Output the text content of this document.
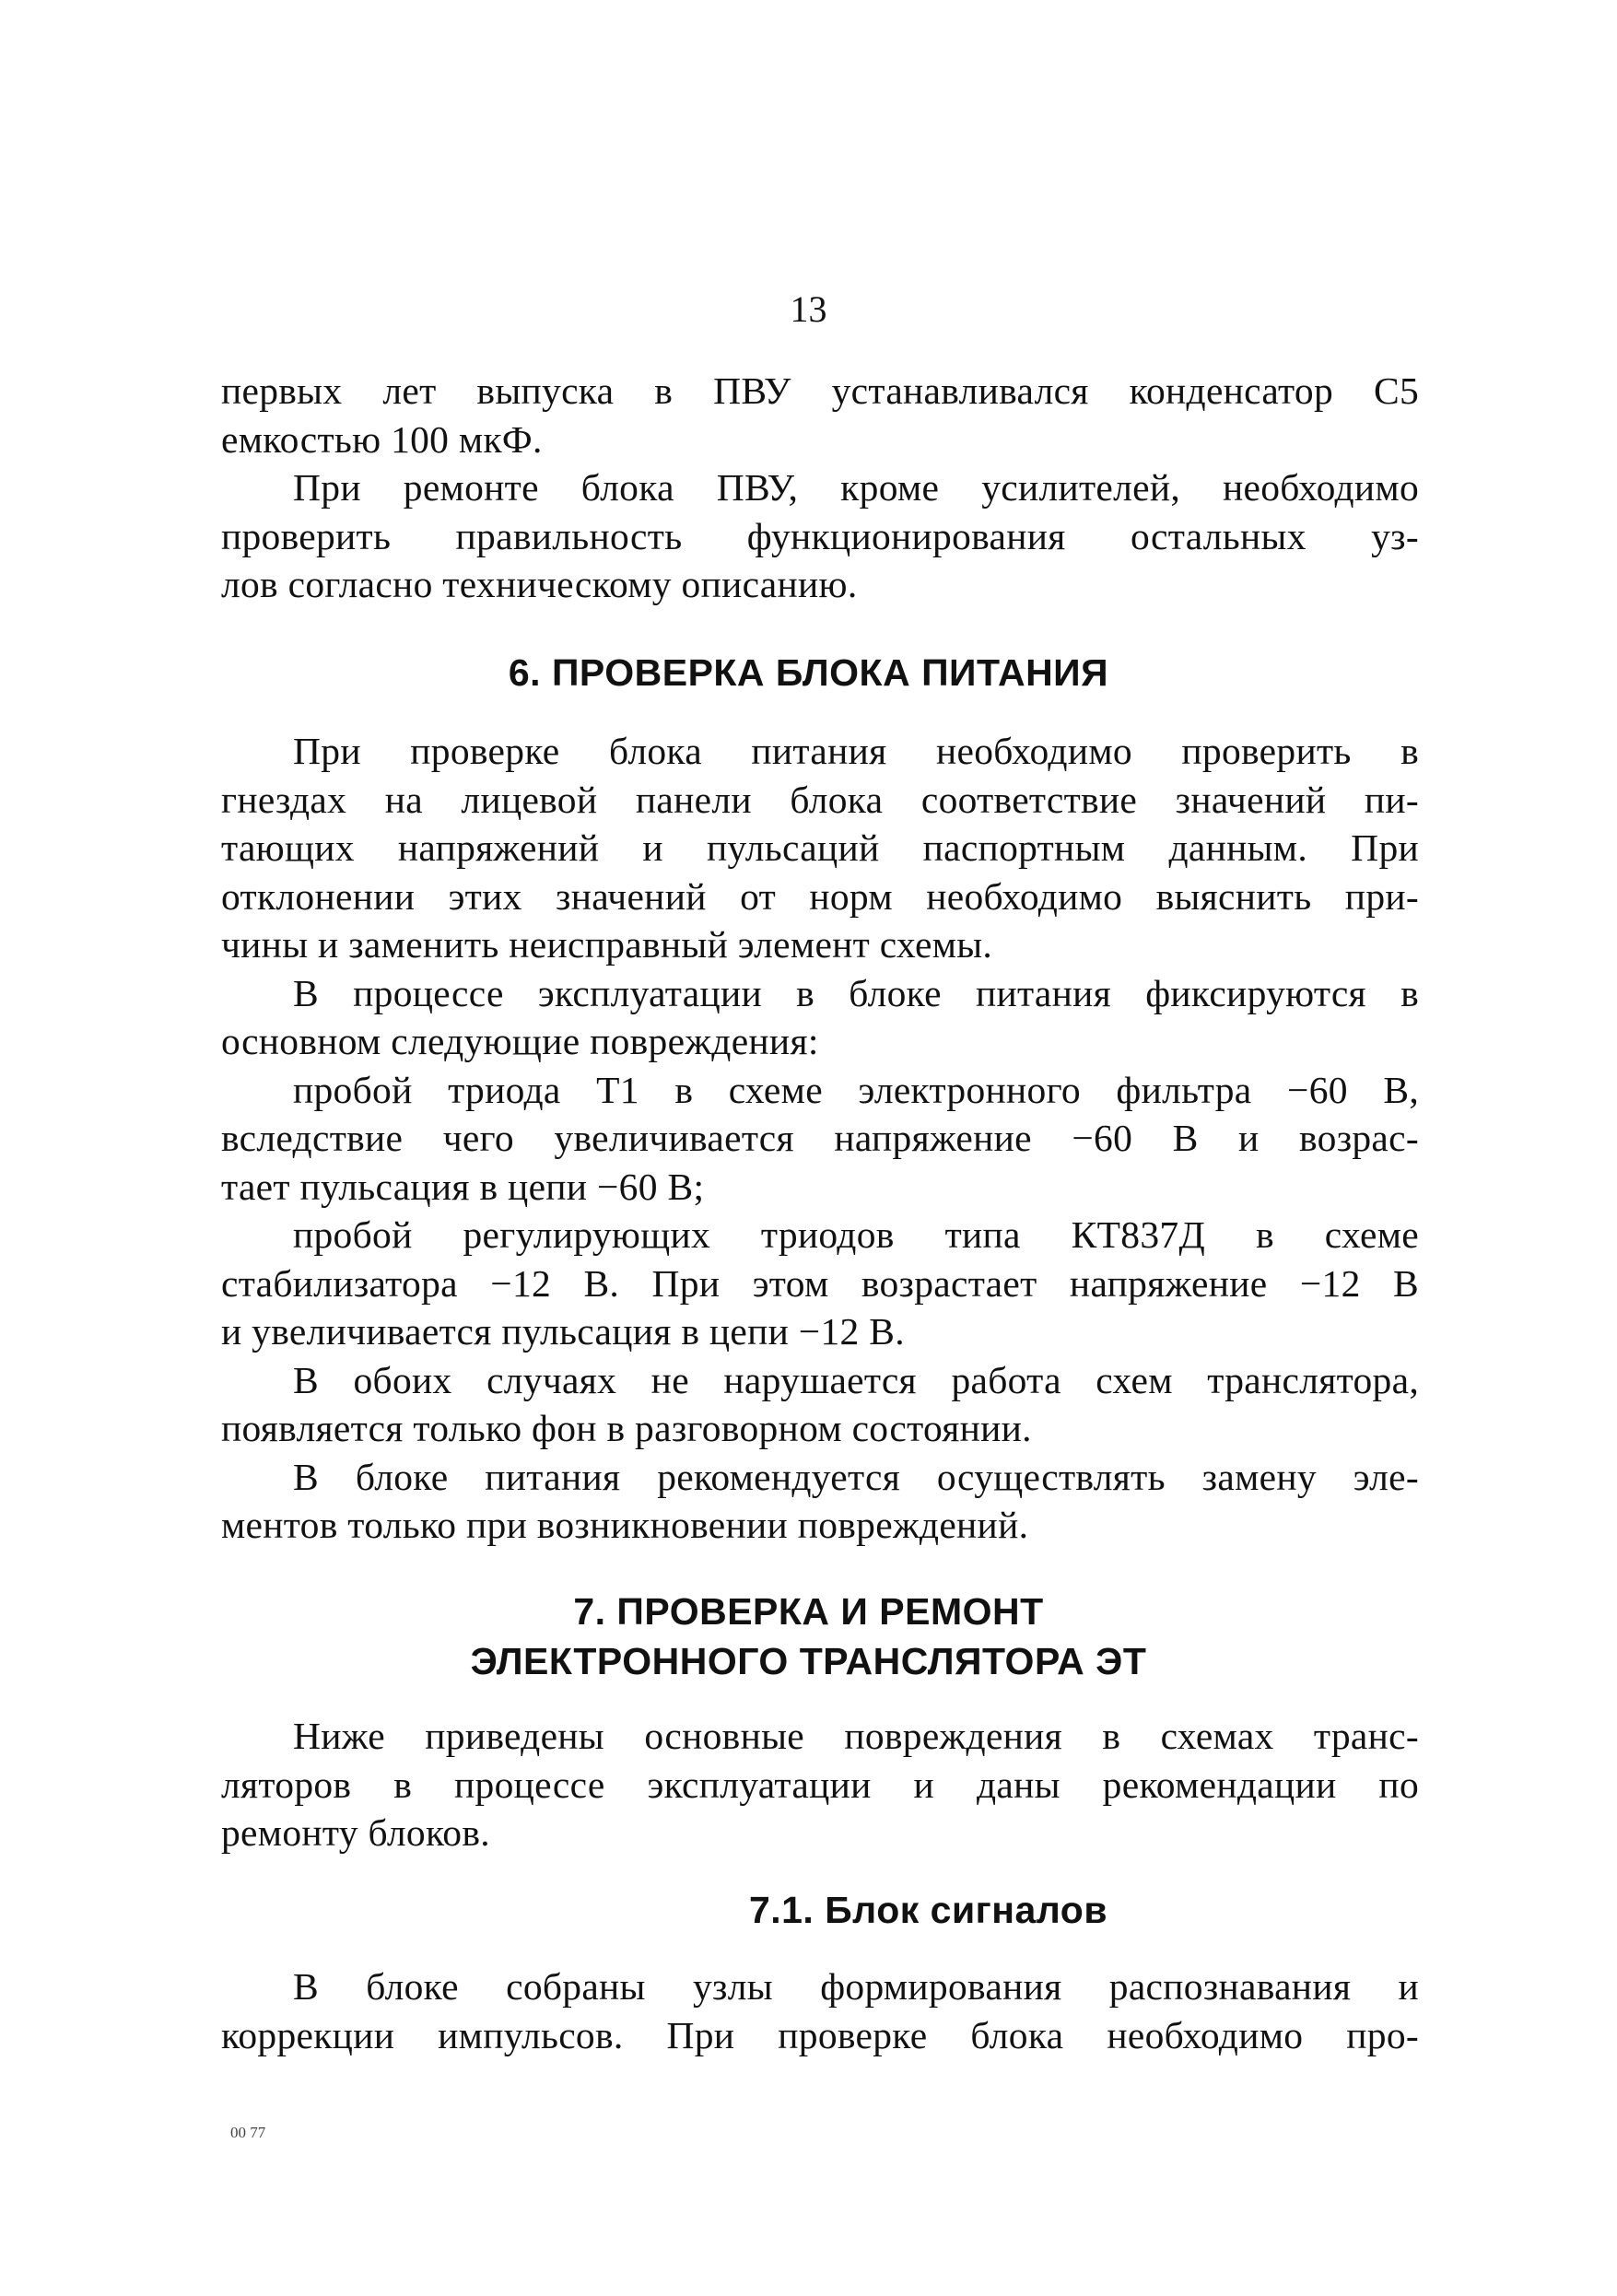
13
первых лет выпуска в ПВУ устанавливался конденсатор С5
емкостью 100 мкФ.
При ремонте блока ПВУ, кроме усилителей, необходимо
проверить правильность функционирования остальных уз-
лов согласно техническому описанию.
6. ПРОВЕРКА БЛОКА ПИТАНИЯ
При проверке блока питания необходимо проверить в
гнездах на лицевой панели блока соответствие значений пи-
тающих напряжений и пульсаций паспортным данным. При
отклонении этих значений от норм необходимо выяснить при-
чины и заменить неисправный элемент схемы.
В процессе эксплуатации в блоке питания фиксируются в
основном следующие повреждения:
пробой триода Т1 в схеме электронного фильтра −60 В,
вследствие чего увеличивается напряжение −60 В и возрас-
тает пульсация в цепи −60 В;
пробой регулирующих триодов типа КТ837Д в схеме
стабилизатора −12 В. При этом возрастает напряжение −12 В
и увеличивается пульсация в цепи −12 В.
В обоих случаях не нарушается работа схем транслятора,
появляется только фон в разговорном состоянии.
В блоке питания рекомендуется осуществлять замену эле-
ментов только при возникновении повреждений.
7. ПРОВЕРКА И РЕМОНТ
ЭЛЕКТРОННОГО ТРАНСЛЯТОРА ЭТ
Ниже приведены основные повреждения в схемах транс-
ляторов в процессе эксплуатации и даны рекомендации по
ремонту блоков.
7.1. Блок сигналов
В блоке собраны узлы формирования распознавания и
коррекции импульсов. При проверке блока необходимо про-
00 77
